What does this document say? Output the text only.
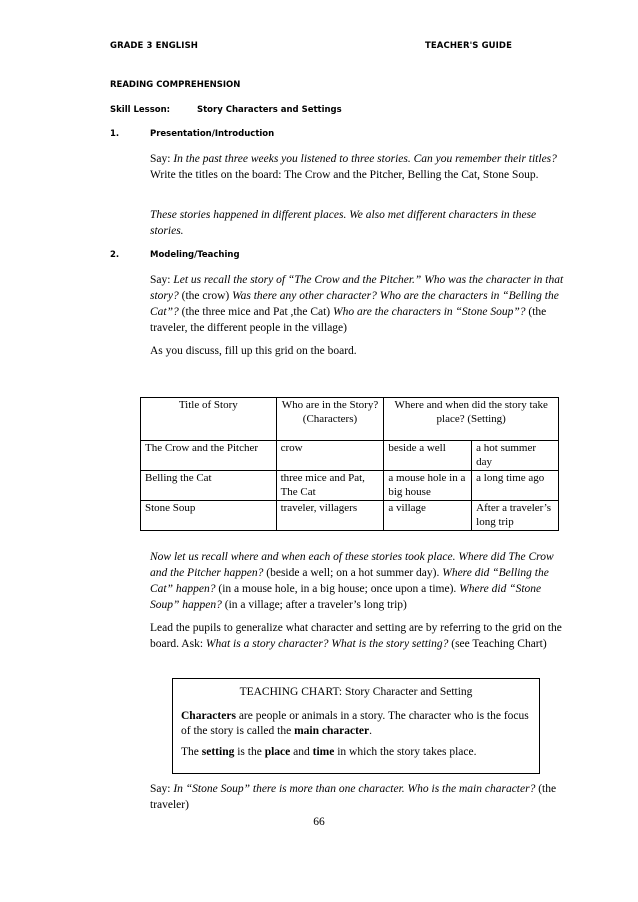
GRADE 3 ENGLISH	TEACHER'S GUIDE
READING COMPREHENSION
Skill Lesson:	Story Characters and Settings
1.	Presentation/Introduction
Say: In the past three weeks you listened to three stories. Can you remember their titles? Write the titles on the board: The Crow and the Pitcher, Belling the Cat, Stone Soup.
These stories happened in different places. We also met different characters in these stories.
2.	Modeling/Teaching
Say: Let us recall the story of “The Crow and the Pitcher.” Who was the character in that story? (the crow) Was there any other character? Who are the characters in “Belling the Cat”? (the three mice and Pat ,the Cat) Who are the characters in “Stone Soup”? (the traveler, the different people in the village)
As you discuss, fill up this grid on the board.
Title of Story	Who are in the Story? (Characters)	Where and when did the story take place? (Setting)	
The Crow and the Pitcher	crow	beside a well	a hot summer day
Belling the Cat	three mice and Pat, The Cat	a mouse hole in a big house	a long time ago
Stone Soup	traveler, villagers	a village	After a traveler’s long trip
Now let us recall where and when each of these stories took place. Where did The Crow and the Pitcher happen? (beside a well; on a hot summer day). Where did “Belling the Cat” happen? (in a mouse hole, in a big house; once upon a time). Where did “Stone Soup” happen? (in a village; after a traveler’s long trip)
Lead the pupils to generalize what character and setting are by referring to the grid on the board. Ask: What is a story character? What is the story setting? (see Teaching Chart)
TEACHING CHART: Story Character and Setting
Characters are people or animals in a story. The character who is the focus of the story is called the main character.
The setting is the place and time in which the story takes place.
Say: In “Stone Soup” there is more than one character. Who is the main character? (the traveler)
66
